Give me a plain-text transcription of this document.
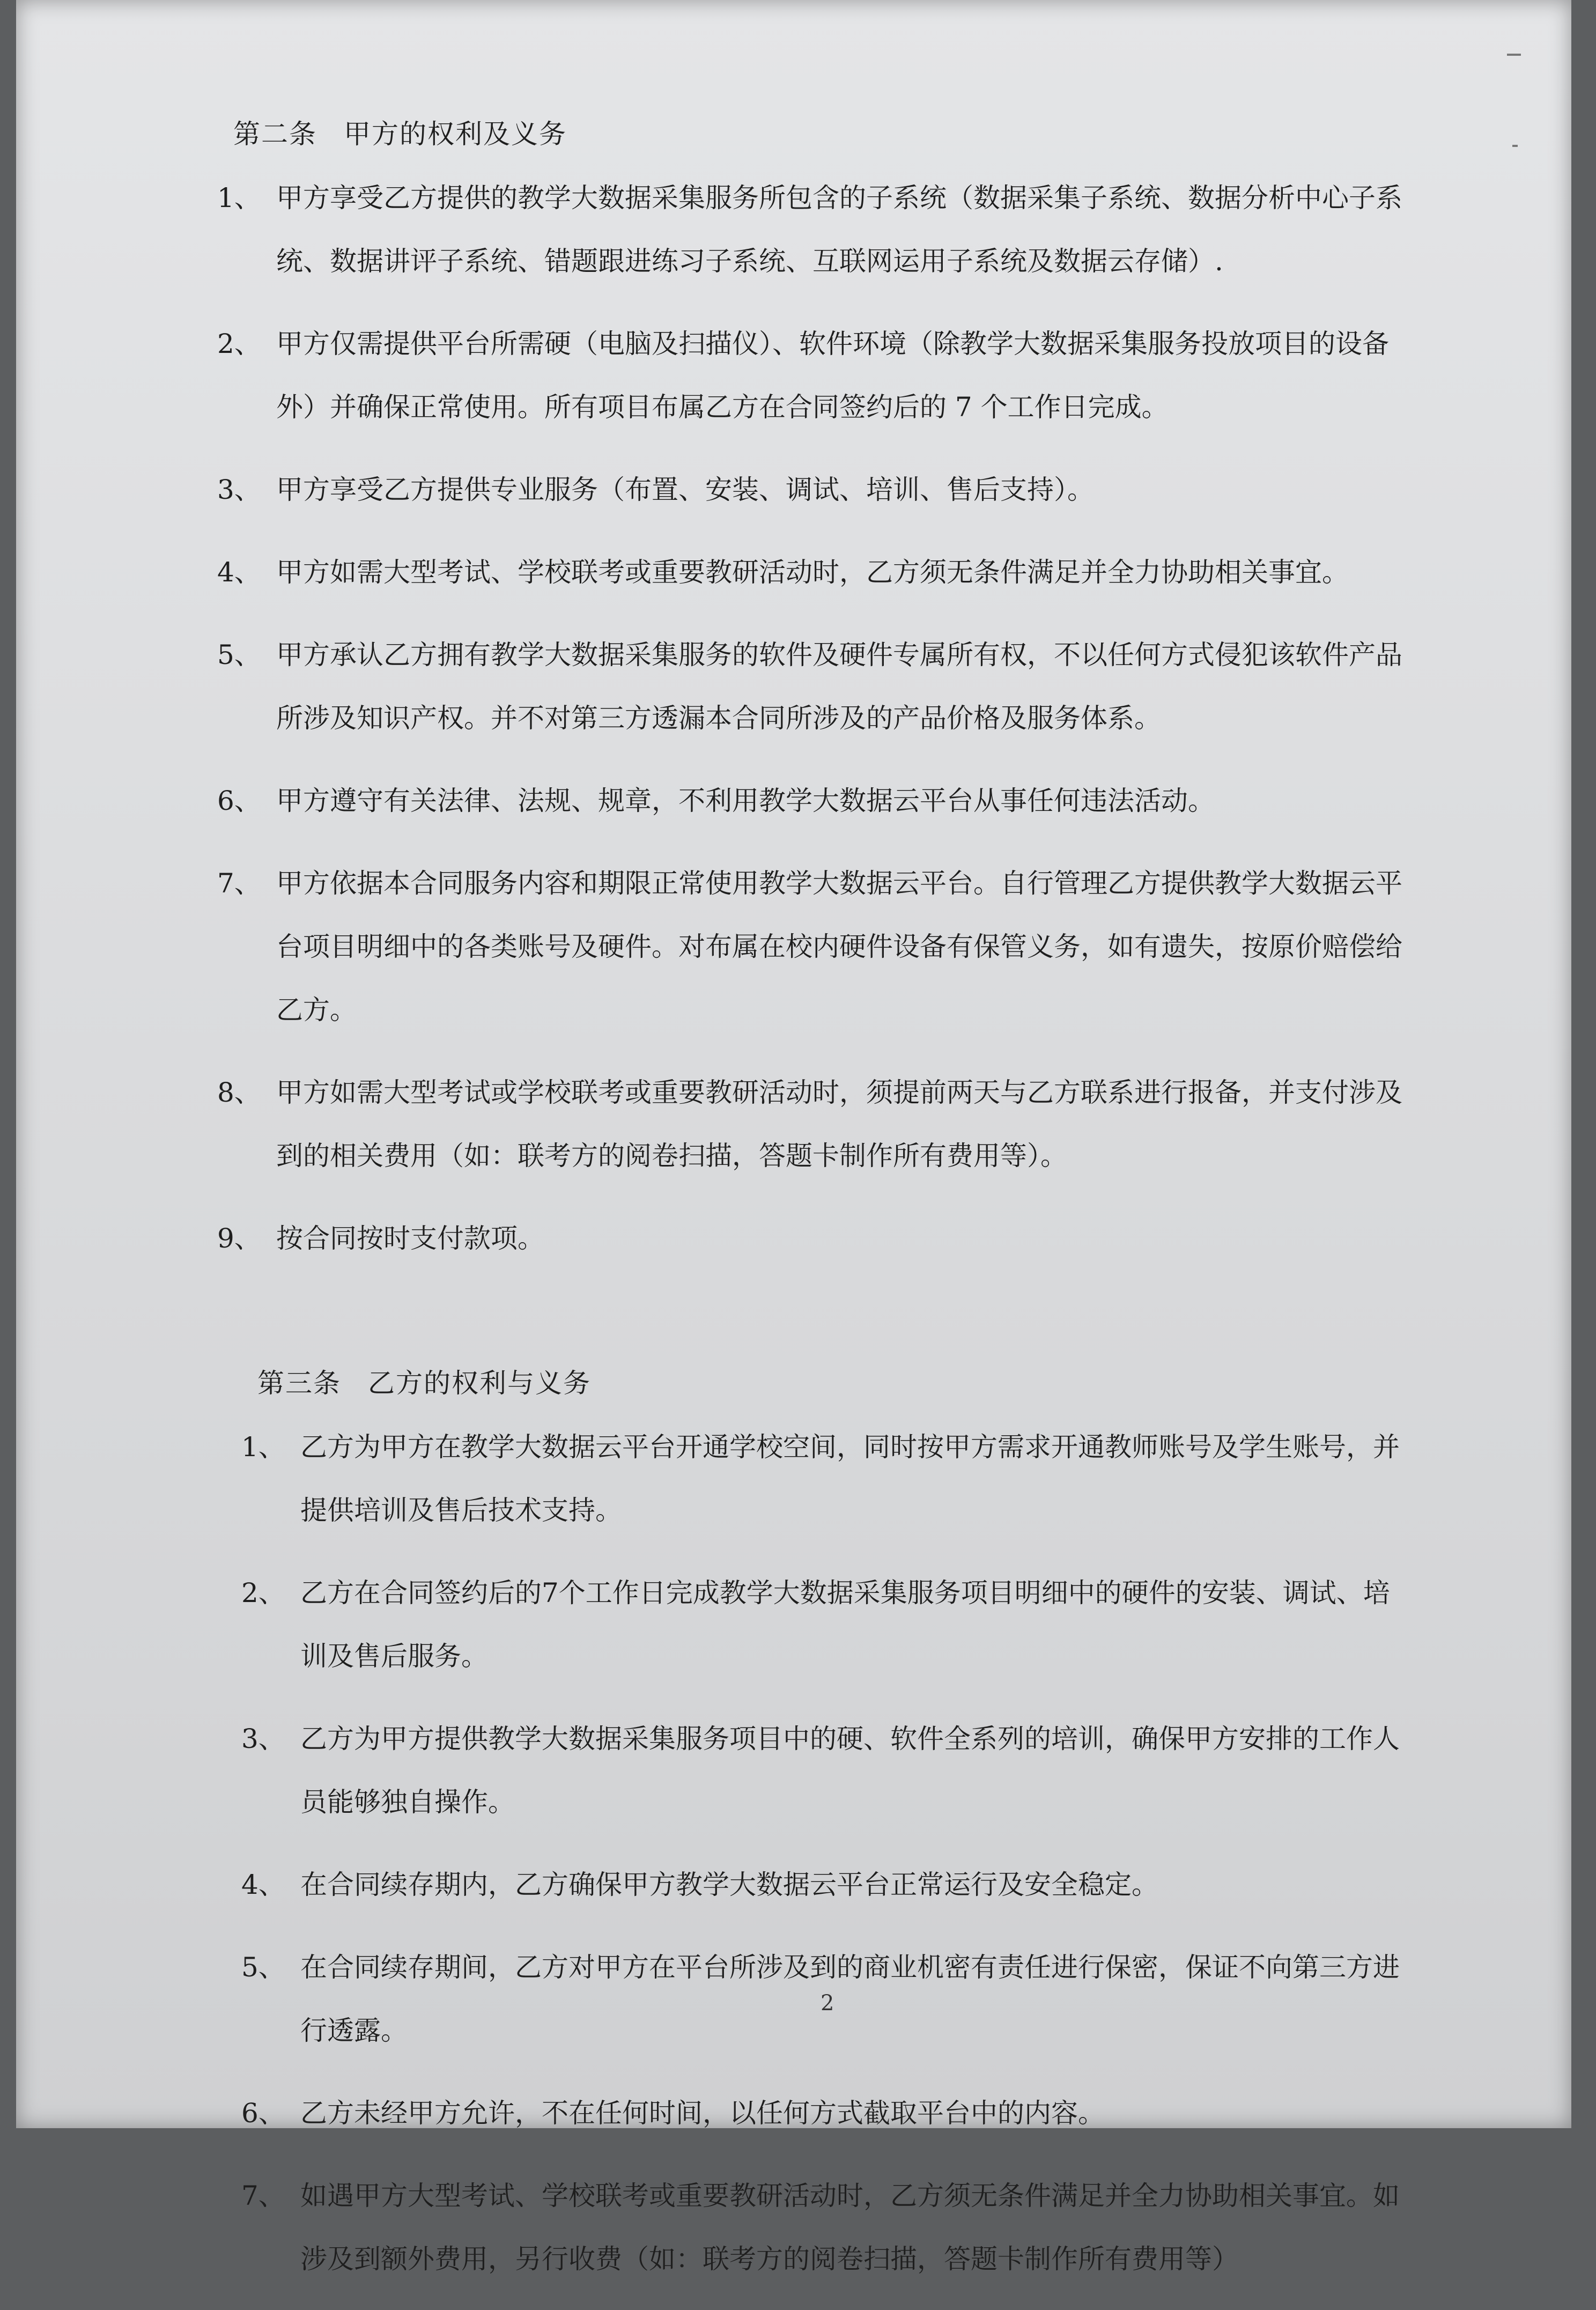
第二条 甲方的权利及义务
1、 甲方享受乙方提供的教学大数据采集服务所包含的子系统（数据采集子系统、数据分析中心子系统、数据讲评子系统、错题跟进练习子系统、互联网运用子系统及数据云存储）.
2、 甲方仅需提供平台所需硬（电脑及扫描仪）、软件环境（除教学大数据采集服务投放项目的设备外）并确保正常使用。所有项目布属乙方在合同签约后的 7 个工作日完成。
3、 甲方享受乙方提供专业服务（布置、安装、调试、培训、售后支持）。
4、 甲方如需大型考试、学校联考或重要教研活动时，乙方须无条件满足并全力协助相关事宜。
5、 甲方承认乙方拥有教学大数据采集服务的软件及硬件专属所有权，不以任何方式侵犯该软件产品所涉及知识产权。并不对第三方透漏本合同所涉及的产品价格及服务体系。
6、 甲方遵守有关法律、法规、规章，不利用教学大数据云平台从事任何违法活动。
7、 甲方依据本合同服务内容和期限正常使用教学大数据云平台。自行管理乙方提供教学大数据云平台项目明细中的各类账号及硬件。对布属在校内硬件设备有保管义务，如有遗失，按原价赔偿给乙方。
8、 甲方如需大型考试或学校联考或重要教研活动时，须提前两天与乙方联系进行报备，并支付涉及到的相关费用（如：联考方的阅卷扫描，答题卡制作所有费用等）。
9、 按合同按时支付款项。
第三条 乙方的权利与义务
1、 乙方为甲方在教学大数据云平台开通学校空间，同时按甲方需求开通教师账号及学生账号，并提供培训及售后技术支持。
2、 乙方在合同签约后的7个工作日完成教学大数据采集服务项目明细中的硬件的安装、调试、培训及售后服务。
3、 乙方为甲方提供教学大数据采集服务项目中的硬、软件全系列的培训，确保甲方安排的工作人员能够独自操作。
4、 在合同续存期内，乙方确保甲方教学大数据云平台正常运行及安全稳定。
5、 在合同续存期间，乙方对甲方在平台所涉及到的商业机密有责任进行保密，保证不向第三方进行透露。
6、 乙方未经甲方允许，不在任何时间，以任何方式截取平台中的内容。
7、 如遇甲方大型考试、学校联考或重要教研活动时，乙方须无条件满足并全力协助相关事宜。如涉及到额外费用，另行收费（如：联考方的阅卷扫描，答题卡制作所有费用等）
2
